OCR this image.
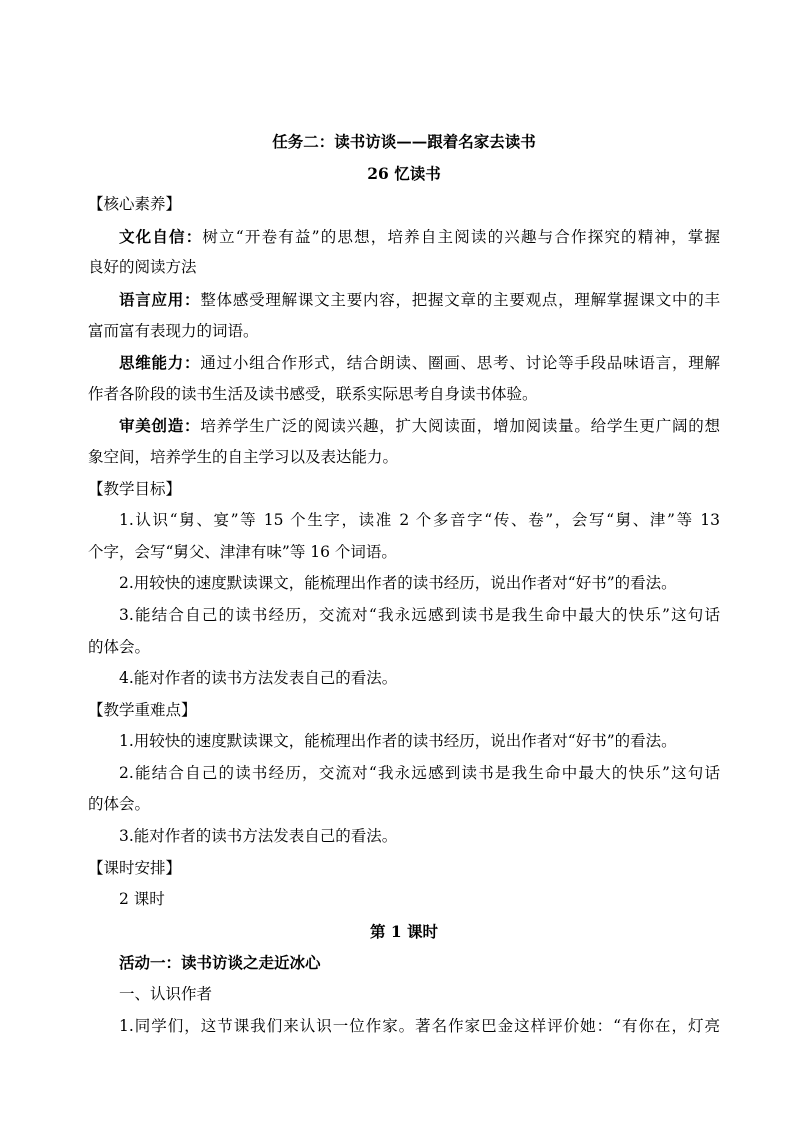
任务二：读书访谈——跟着名家去读书
26 忆读书
【核心素养】
文化自信：树立“开卷有益”的思想，培养自主阅读的兴趣与合作探究的精神，掌握
良好的阅读方法
语言应用：整体感受理解课文主要内容，把握文章的主要观点，理解掌握课文中的丰
富而富有表现力的词语。
思维能力：通过小组合作形式，结合朗读、圈画、思考、讨论等手段品味语言，理解
作者各阶段的读书生活及读书感受，联系实际思考自身读书体验。
审美创造：培养学生广泛的阅读兴趣，扩大阅读面，增加阅读量。给学生更广阔的想
象空间，培养学生的自主学习以及表达能力。
【教学目标】
1.认识“舅、宴”等 15 个生字，读准 2 个多音字“传、卷”，会写“舅、津”等 13
个字，会写“舅父、津津有味”等 16 个词语。
2.用较快的速度默读课文，能梳理出作者的读书经历，说出作者对“好书”的看法。
3.能结合自己的读书经历，交流对“我永远感到读书是我生命中最大的快乐”这句话
的体会。
4.能对作者的读书方法发表自己的看法。
【教学重难点】
1.用较快的速度默读课文，能梳理出作者的读书经历，说出作者对“好书”的看法。
2.能结合自己的读书经历，交流对“我永远感到读书是我生命中最大的快乐”这句话
的体会。
3.能对作者的读书方法发表自己的看法。
【课时安排】
2 课时
第 1 课时
活动一：读书访谈之走近冰心
一、认识作者
1.同学们，这节课我们来认识一位作家。著名作家巴金这样评价她：“有你在，灯亮
